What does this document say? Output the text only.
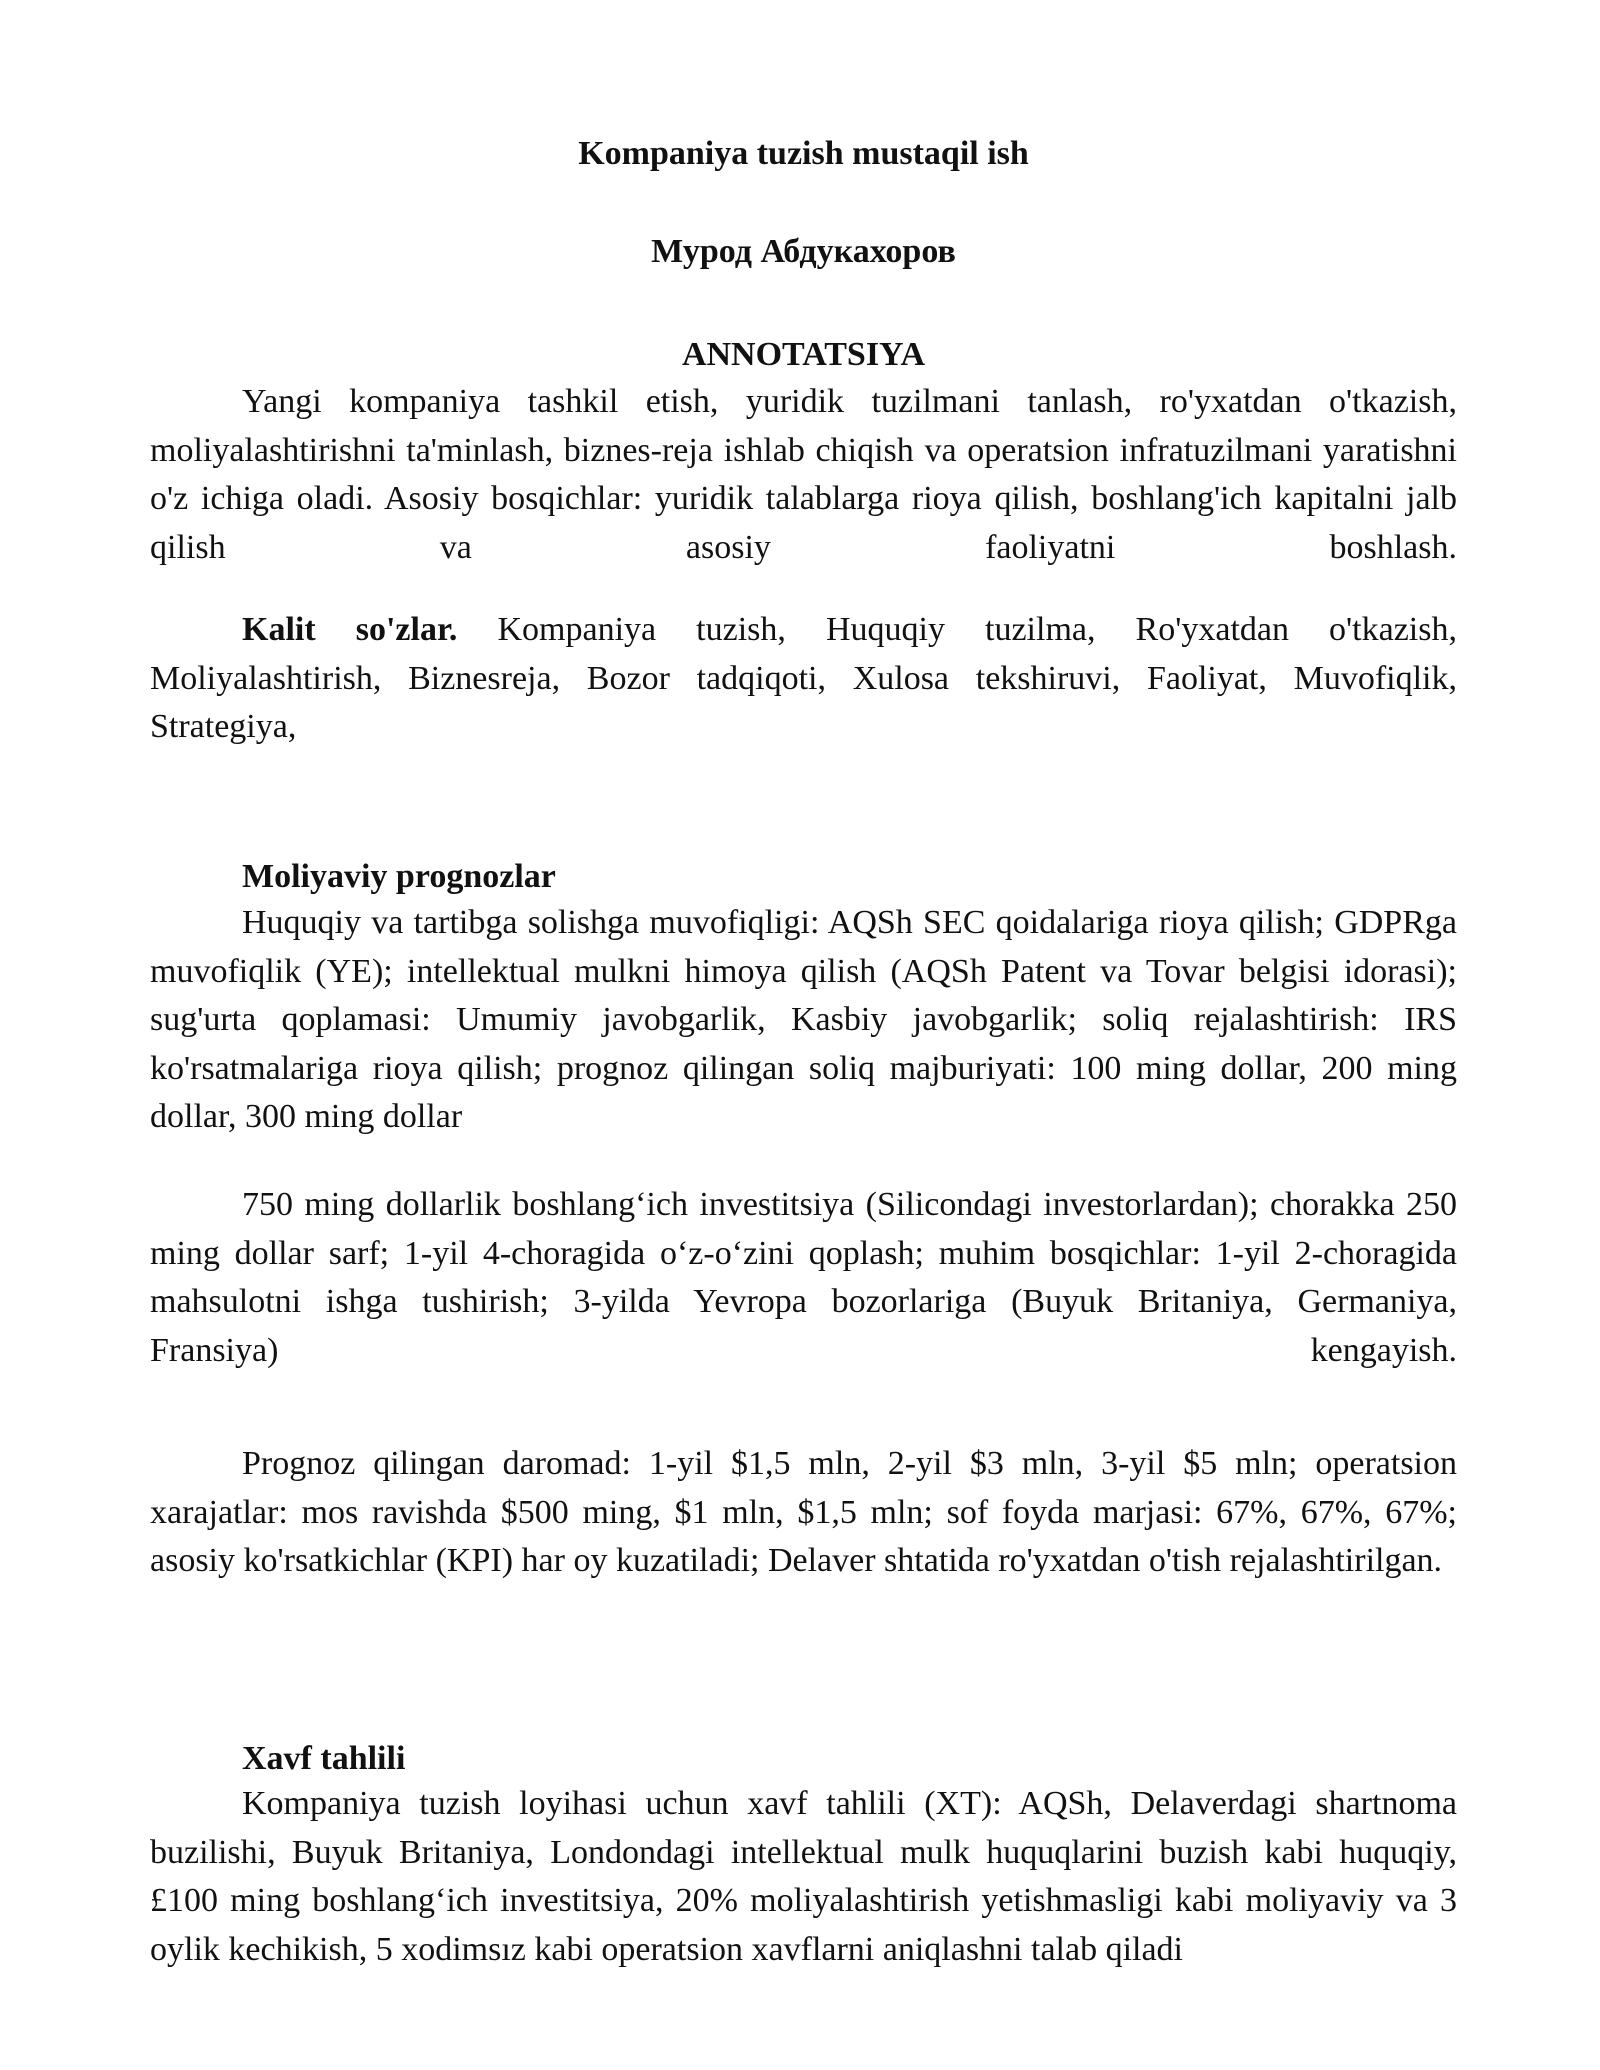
Kompaniya tuzish mustaqil ish
Мурод Абдукахоров
ANNOTATSIYA

Yangi kompaniya tashkil etish, yuridik tuzilmani tanlash, ro'yxatdan o'tkazish, moliyalashtirishni ta'minlash, biznes-reja ishlab chiqish va operatsion infratuzilmani yaratishni o'z ichiga oladi. Asosiy bosqichlar: yuridik talablarga rioya qilish, boshlang'ich kapitalni jalb qilish va asosiy faoliyatni boshlash.

Kalit so'zlar. Kompaniya tuzish, Huquqiy tuzilma, Ro'yxatdan o'tkazish, Moliyalashtirish, Biznesreja, Bozor tadqiqoti, Xulosa tekshiruvi, Faoliyat, Muvofiqlik, Strategiya,

Moliyaviy prognozlar

Huquqiy va tartibga solishga muvofiqligi: AQSh SEC qoidalariga rioya qilish; GDPRga muvofiqlik (YE); intellektual mulkni himoya qilish (AQSh Patent va Tovar belgisi idorasi); sug'urta qoplamasi: Umumiy javobgarlik, Kasbiy javobgarlik; soliq rejalashtirish: IRS ko'rsatmalariga rioya qilish; prognoz qilingan soliq majburiyati: 100 ming dollar, 200 ming dollar, 300 ming dollar

750 ming dollarlik boshlang‘ich investitsiya (Silicondagi investorlardan); chorakka 250 ming dollar sarf; 1-yil 4-choragida o‘z-o‘zini qoplash; muhim bosqichlar: 1-yil 2-choragida mahsulotni ishga tushirish; 3-yilda Yevropa bozorlariga (Buyuk Britaniya, Germaniya, Fransiya) kengayish.

Prognoz qilingan daromad: 1-yil $1,5 mln, 2-yil $3 mln, 3-yil $5 mln; operatsion xarajatlar: mos ravishda $500 ming, $1 mln, $1,5 mln; sof foyda marjasi: 67%, 67%, 67%; asosiy ko'rsatkichlar (KPI) har oy kuzatiladi; Delaver shtatida ro'yxatdan o'tish rejalashtirilgan.

Xavf tahlili

Kompaniya tuzish loyihasi uchun xavf tahlili (XT): AQSh, Delaverdagi shartnoma buzilishi, Buyuk Britaniya, Londondagi intellektual mulk huquqlarini buzish kabi huquqiy, £100 ming boshlang‘ich investitsiya, 20% moliyalashtirish yetishmasligi kabi moliyaviy va 3 oylik kechikish, 5 xodimsız kabi operatsion xavflarni aniqlashni talab qiladi
